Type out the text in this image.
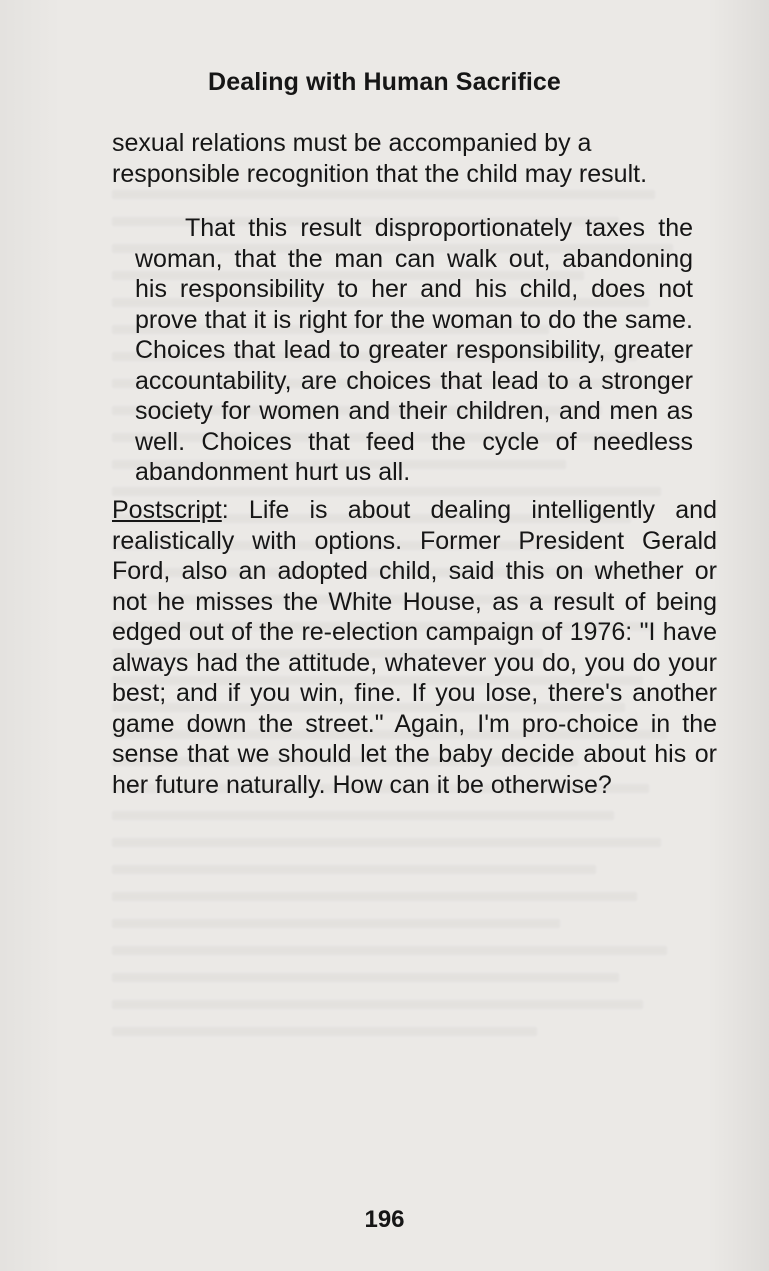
Dealing with Human Sacrifice

sexual relations must be accompanied by a responsible recognition that the child may result.

That this result disproportionately taxes the woman, that the man can walk out, abandoning his responsibility to her and his child, does not prove that it is right for the woman to do the same. Choices that lead to greater responsibility, greater accountability, are choices that lead to a stronger society for women and their children, and men as well. Choices that feed the cycle of needless abandonment hurt us all.

Postscript: Life is about dealing intelligently and realistically with options. Former President Gerald Ford, also an adopted child, said this on whether or not he misses the White House, as a result of being edged out of the re-election campaign of 1976: "I have always had the attitude, whatever you do, you do your best; and if you win, fine. If you lose, there's another game down the street." Again, I'm pro-choice in the sense that we should let the baby decide about his or her future naturally. How can it be otherwise?

196
